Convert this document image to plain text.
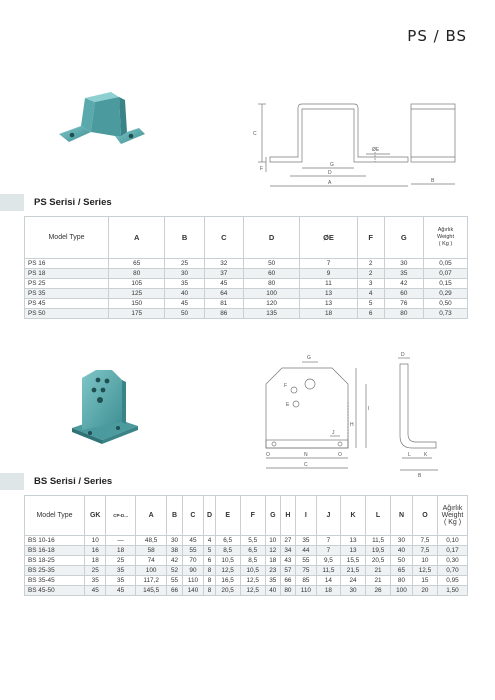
PS / BS
C
F
G
ØE
D
A	B
PS Serisi / Series
Model Type	A	B	C	D	ØE	F	G	Ağırlık
Weight
( Kg )
PS 16	65	25	32	50	7	2	30	0,05
PS 18	80	30	37	60	9	2	35	0,07
PS 25	105	35	45	80	11	3	42	0,15
PS 35	125	40	64	100	13	4	60	0,29
PS 45	150	45	81	120	13	5	76	0,50
PS 50	175	50	86	135	18	6	80	0,73
G
F
E
J
H
I
O	N	O
C
D
L	K
B
BS Serisi / Series
Model Type	GK	CP-D...	A	B	C	D	E	F	G	H	I	J	K	L	N	O	Ağırlık
Weight
( Kg )
BS 10-16	10	—	48,5	30	45	4	6,5	5,5	10	27	35	7	13	11,5	30	7,5	0,10
BS 16-18	16	18	58	38	55	5	8,5	6,5	12	34	44	7	13	19,5	40	7,5	0,17
BS 18-25	18	25	74	42	70	6	10,5	8,5	18	43	55	9,5	15,5	20,5	50	10	0,30
BS 25-35	25	35	100	52	90	8	12,5	10,5	23	57	75	11,5	21,5	21	65	12,5	0,70
BS 35-45	35	35	117,2	55	110	8	16,5	12,5	35	66	85	14	24	21	80	15	0,95
BS 45-50	45	45	145,5	66	140	8	20,5	12,5	40	80	110	18	30	26	100	20	1,50
